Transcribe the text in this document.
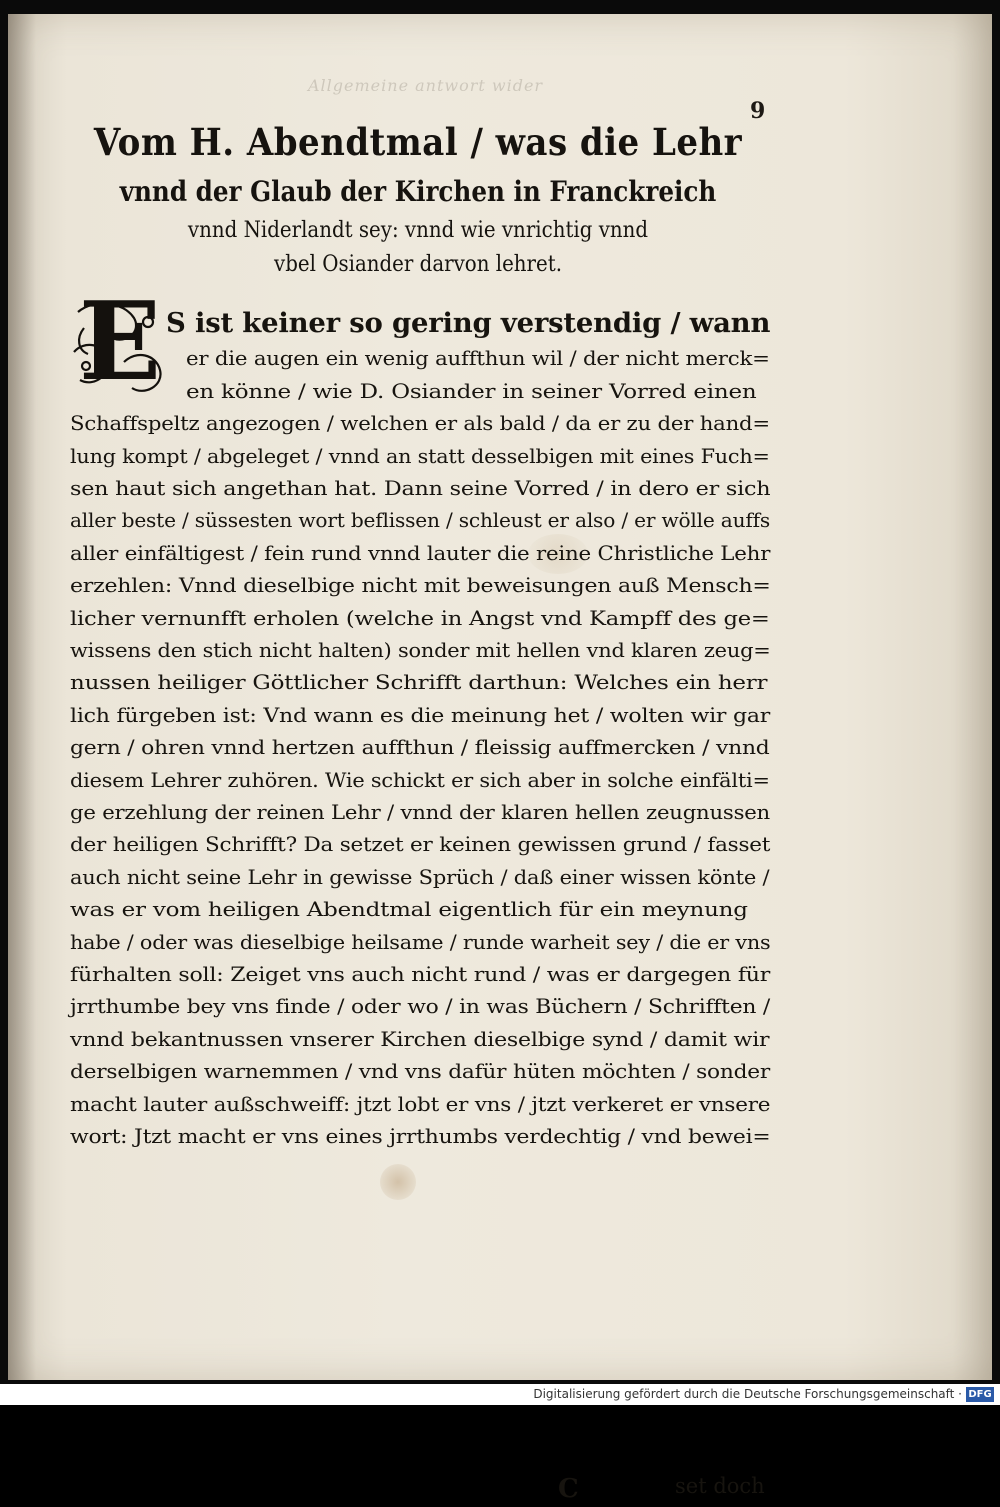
Allgemeine antwort wider
9
Vom H. Abendtmal / was die Lehr
vnnd der Glaub der Kirchen in Franckreich
vnnd Niderlandt sey: vnnd wie vnrichtig vnnd
vbel Osiander darvon lehret.
E
C	set doch
S ist keiner so gering verstendig / wann
er die augen ein wenig auffthun wil / der nicht merck=
en könne / wie D. Osiander in seiner Vorred einen
Schaffspeltz angezogen / welchen er als bald / da er zu der hand=
lung kompt / abgeleget / vnnd an statt desselbigen mit eines Fuch=
sen haut sich angethan hat. Dann seine Vorred / in dero er sich
aller beste / süssesten wort beflissen / schleust er also / er wölle auffs
aller einfältigest / fein rund vnnd lauter die reine Christliche Lehr
erzehlen: Vnnd dieselbige nicht mit beweisungen auß Mensch=
licher vernunfft erholen (welche in Angst vnd Kampff des ge=
wissens den stich nicht halten) sonder mit hellen vnd klaren zeug=
nussen heiliger Göttlicher Schrifft darthun: Welches ein herr
lich fürgeben ist: Vnd wann es die meinung het / wolten wir gar
gern / ohren vnnd hertzen auffthun / fleissig auffmercken / vnnd
diesem Lehrer zuhören. Wie schickt er sich aber in solche einfälti=
ge erzehlung der reinen Lehr / vnnd der klaren hellen zeugnussen
der heiligen Schrifft? Da setzet er keinen gewissen grund / fasset
auch nicht seine Lehr in gewisse Sprüch / daß einer wissen könte /
was er vom heiligen Abendtmal eigentlich für ein meynung
habe / oder was dieselbige heilsame / runde warheit sey / die er vns
fürhalten soll: Zeiget vns auch nicht rund / was er dargegen für
jrrthumbe bey vns finde / oder wo / in was Büchern / Schrifften /
vnnd bekantnussen vnserer Kirchen dieselbige synd / damit wir
derselbigen warnemmen / vnd vns dafür hüten möchten / sonder
macht lauter außschweiff: jtzt lobt er vns / jtzt verkeret er vnsere
wort: Jtzt macht er vns eines jrrthumbs verdechtig / vnd bewei=
Digitalisierung gefördert durch die Deutsche Forschungsgemeinschaft · DFG
